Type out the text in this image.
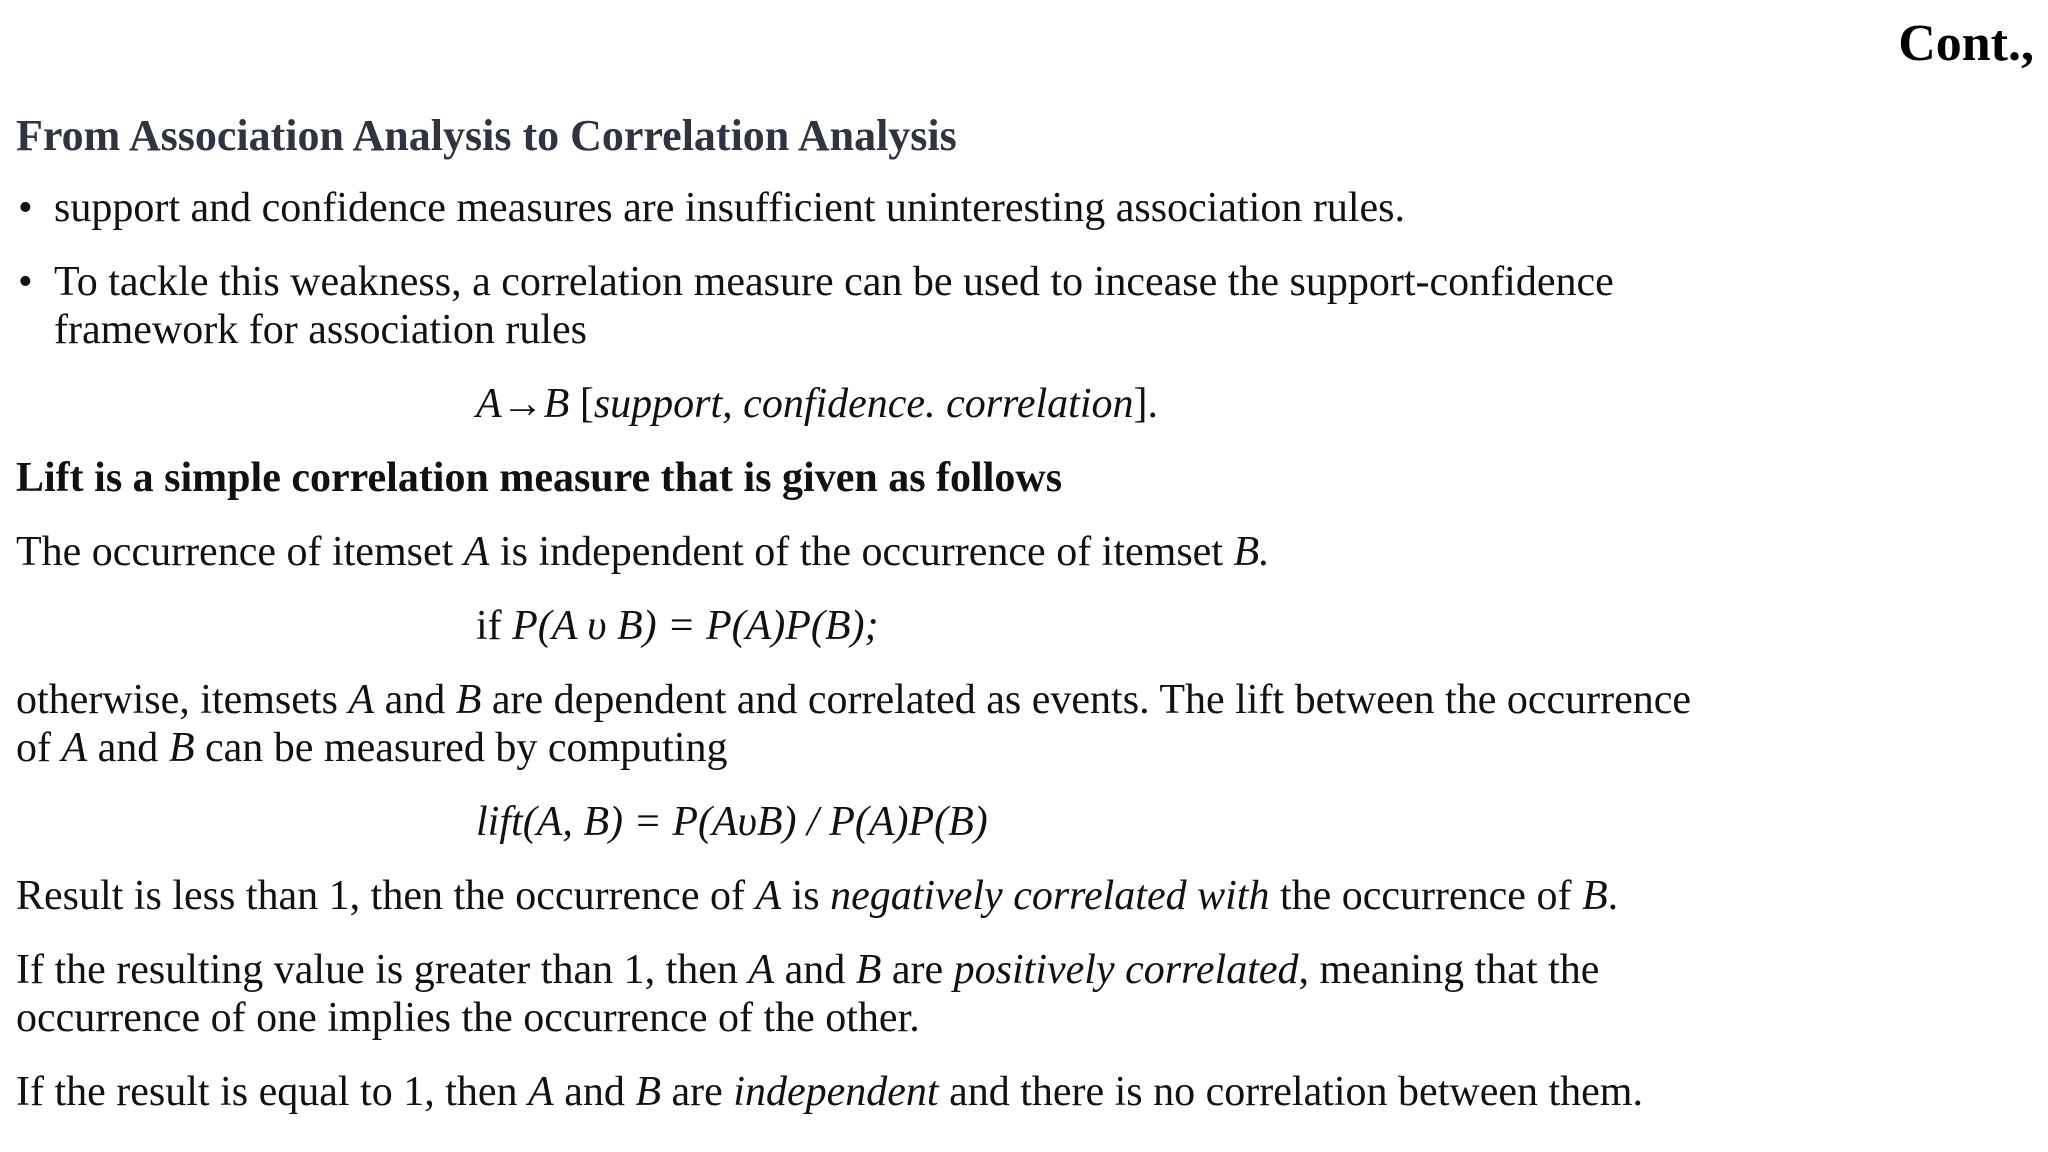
Cont.,
From Association Analysis to Correlation Analysis
• support and confidence measures are insufficient uninteresting association rules.
• To tackle this weakness, a correlation measure can be used to incease the support-confidence
framework for association rules
A→B [support, confidence. correlation].
Lift is a simple correlation measure that is given as follows
The occurrence of itemset A is independent of the occurrence of itemset B.
if P(A υ B) = P(A)P(B);
otherwise, itemsets A and B are dependent and correlated as events. The lift between the occurrence
of A and B can be measured by computing
lift(A, B) = P(AυB) / P(A)P(B)
Result is less than 1, then the occurrence of A is negatively correlated with the occurrence of B.
If the resulting value is greater than 1, then A and B are positively correlated, meaning that the
occurrence of one implies the occurrence of the other.
If the result is equal to 1, then A and B are independent and there is no correlation between them.
